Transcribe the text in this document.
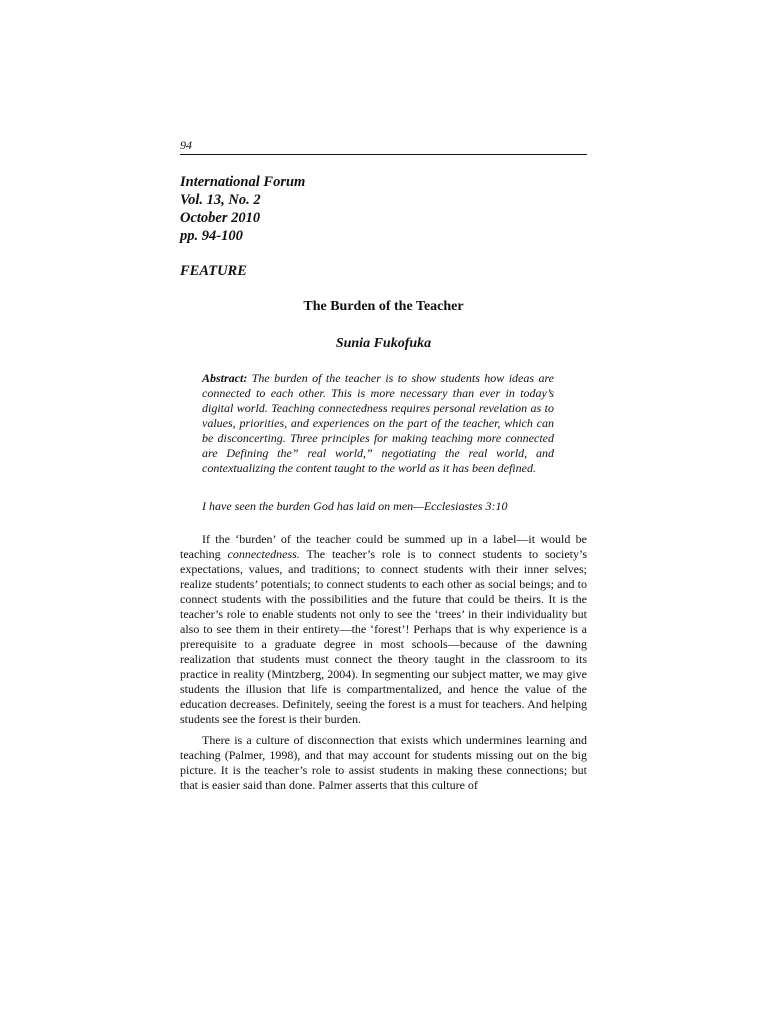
94
International Forum
Vol. 13, No. 2
October 2010
pp. 94-100
FEATURE
The Burden of the Teacher
Sunia Fukofuka
Abstract: The burden of the teacher is to show students how ideas are connected to each other. This is more necessary than ever in today’s digital world. Teaching connectedness requires personal revelation as to values, priorities, and experiences on the part of the teacher, which can be disconcerting. Three principles for making teaching more connected are Defining the” real world,” negotiating the real world, and contextualizing the content taught to the world as it has been defined.
I have seen the burden God has laid on men—Ecclesiastes 3:10

If the ‘burden’ of the teacher could be summed up in a label—it would be teaching connectedness. The teacher’s role is to connect students to society’s expectations, values, and traditions; to connect students with their inner selves; realize students’ potentials; to connect students to each other as social beings; and to connect students with the possibilities and the future that could be theirs. It is the teacher’s role to enable students not only to see the ‘trees’ in their individuality but also to see them in their entirety—the ‘forest’! Perhaps that is why experience is a prerequisite to a graduate degree in most schools—because of the dawning realization that students must connect the theory taught in the classroom to its practice in reality (Mintzberg, 2004). In segmenting our subject matter, we may give students the illusion that life is compartmentalized, and hence the value of the education decreases. Definitely, seeing the forest is a must for teachers. And helping students see the forest is their burden.

There is a culture of disconnection that exists which undermines learning and teaching (Palmer, 1998), and that may account for students missing out on the big picture. It is the teacher’s role to assist students in making these connections; but that is easier said than done. Palmer asserts that this culture of
